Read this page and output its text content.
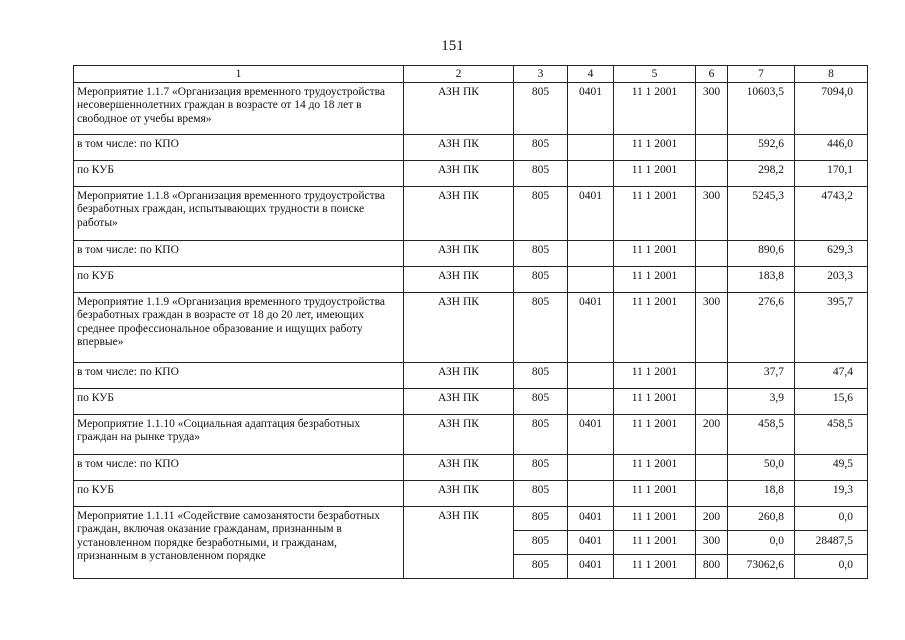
151
1	2	3	4	5	6	7	8
Мероприятие 1.1.7 «Организация временного трудоустройства несовершеннолетних граждан в возрасте от 14 до 18 лет в свободное от учебы время»	АЗН ПК	805	0401	11 1 2001	300	10603,5	7094,0
в том числе: по КПО	АЗН ПК	805		11 1 2001		592,6	446,0
по КУБ	АЗН ПК	805		11 1 2001		298,2	170,1
Мероприятие 1.1.8 «Организация временного трудоустройства безработных граждан, испытывающих трудности в поиске работы»	АЗН ПК	805	0401	11 1 2001	300	5245,3	4743,2
в том числе: по КПО	АЗН ПК	805		11 1 2001		890,6	629,3
по КУБ	АЗН ПК	805		11 1 2001		183,8	203,3
Мероприятие 1.1.9 «Организация временного трудоустройства безработных граждан в возрасте от 18 до 20 лет, имеющих среднее профессиональное образование и ищущих работу впервые»	АЗН ПК	805	0401	11 1 2001	300	276,6	395,7
в том числе: по КПО	АЗН ПК	805		11 1 2001		37,7	47,4
по КУБ	АЗН ПК	805		11 1 2001		3,9	15,6
Мероприятие 1.1.10 «Социальная адаптация безработных граждан на рынке труда»	АЗН ПК	805	0401	11 1 2001	200	458,5	458,5
в том числе: по КПО	АЗН ПК	805		11 1 2001		50,0	49,5
по КУБ	АЗН ПК	805		11 1 2001		18,8	19,3
Мероприятие 1.1.11 «Содействие самозанятости безработных граждан, включая оказание гражданам, признанным в установленном порядке безработными, и гражданам, признанным в установленном порядке	АЗН ПК	805	0401	11 1 2001	200	260,8	0,0
		805	0401	11 1 2001	300	0,0	28487,5
		805	0401	11 1 2001	800	73062,6	0,0
